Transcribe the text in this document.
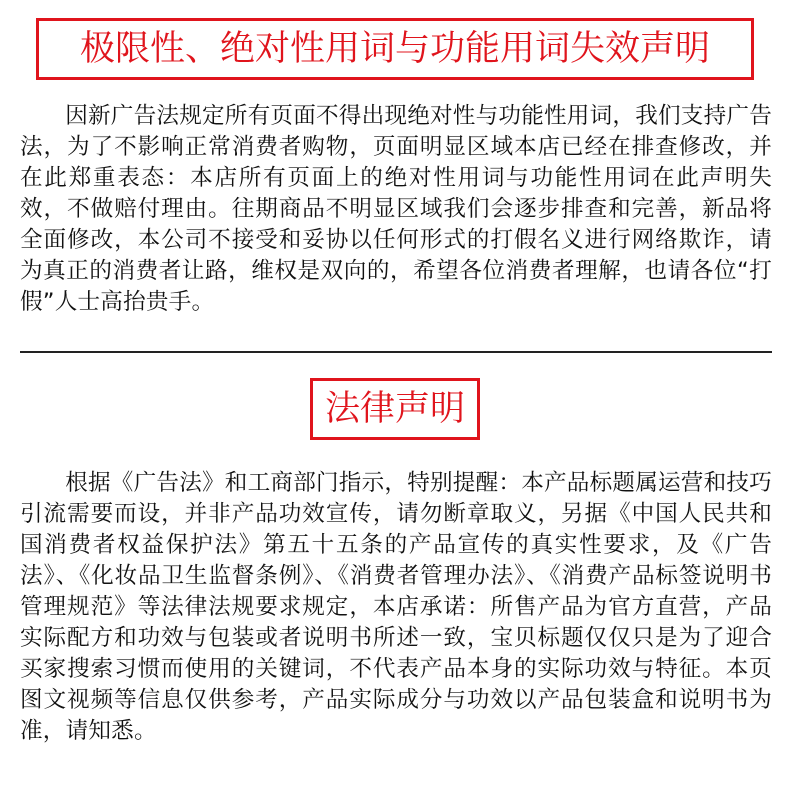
极限性、绝对性用词与功能用词失效声明

因新广告法规定所有页面不得出现绝对性与功能性用词，我们支持广告法，为了不影响正常消费者购物，页面明显区域本店已经在排查修改，并在此郑重表态：本店所有页面上的绝对性用词与功能性用词在此声明失效，不做赔付理由。往期商品不明显区域我们会逐步排查和完善，新品将全面修改，本公司不接受和妥协以任何形式的打假名义进行网络欺诈，请为真正的消费者让路，维权是双向的，希望各位消费者理解，也请各位“打假”人士高抬贵手。

法律声明

根据《广告法》和工商部门指示，特别提醒：本产品标题属运营和技巧引流需要而设，并非产品功效宣传，请勿断章取义，另据《中国人民共和国消费者权益保护法》第五十五条的产品宣传的真实性要求，及《广告法》、《化妆品卫生监督条例》、《消费者管理办法》、《消费产品标签说明书管理规范》等法律法规要求规定，本店承诺：所售产品为官方直营，产品实际配方和功效与包装或者说明书所述一致，宝贝标题仅仅只是为了迎合买家搜索习惯而使用的关键词，不代表产品本身的实际功效与特征。本页图文视频等信息仅供参考，产品实际成分与功效以产品包装盒和说明书为准，请知悉。
